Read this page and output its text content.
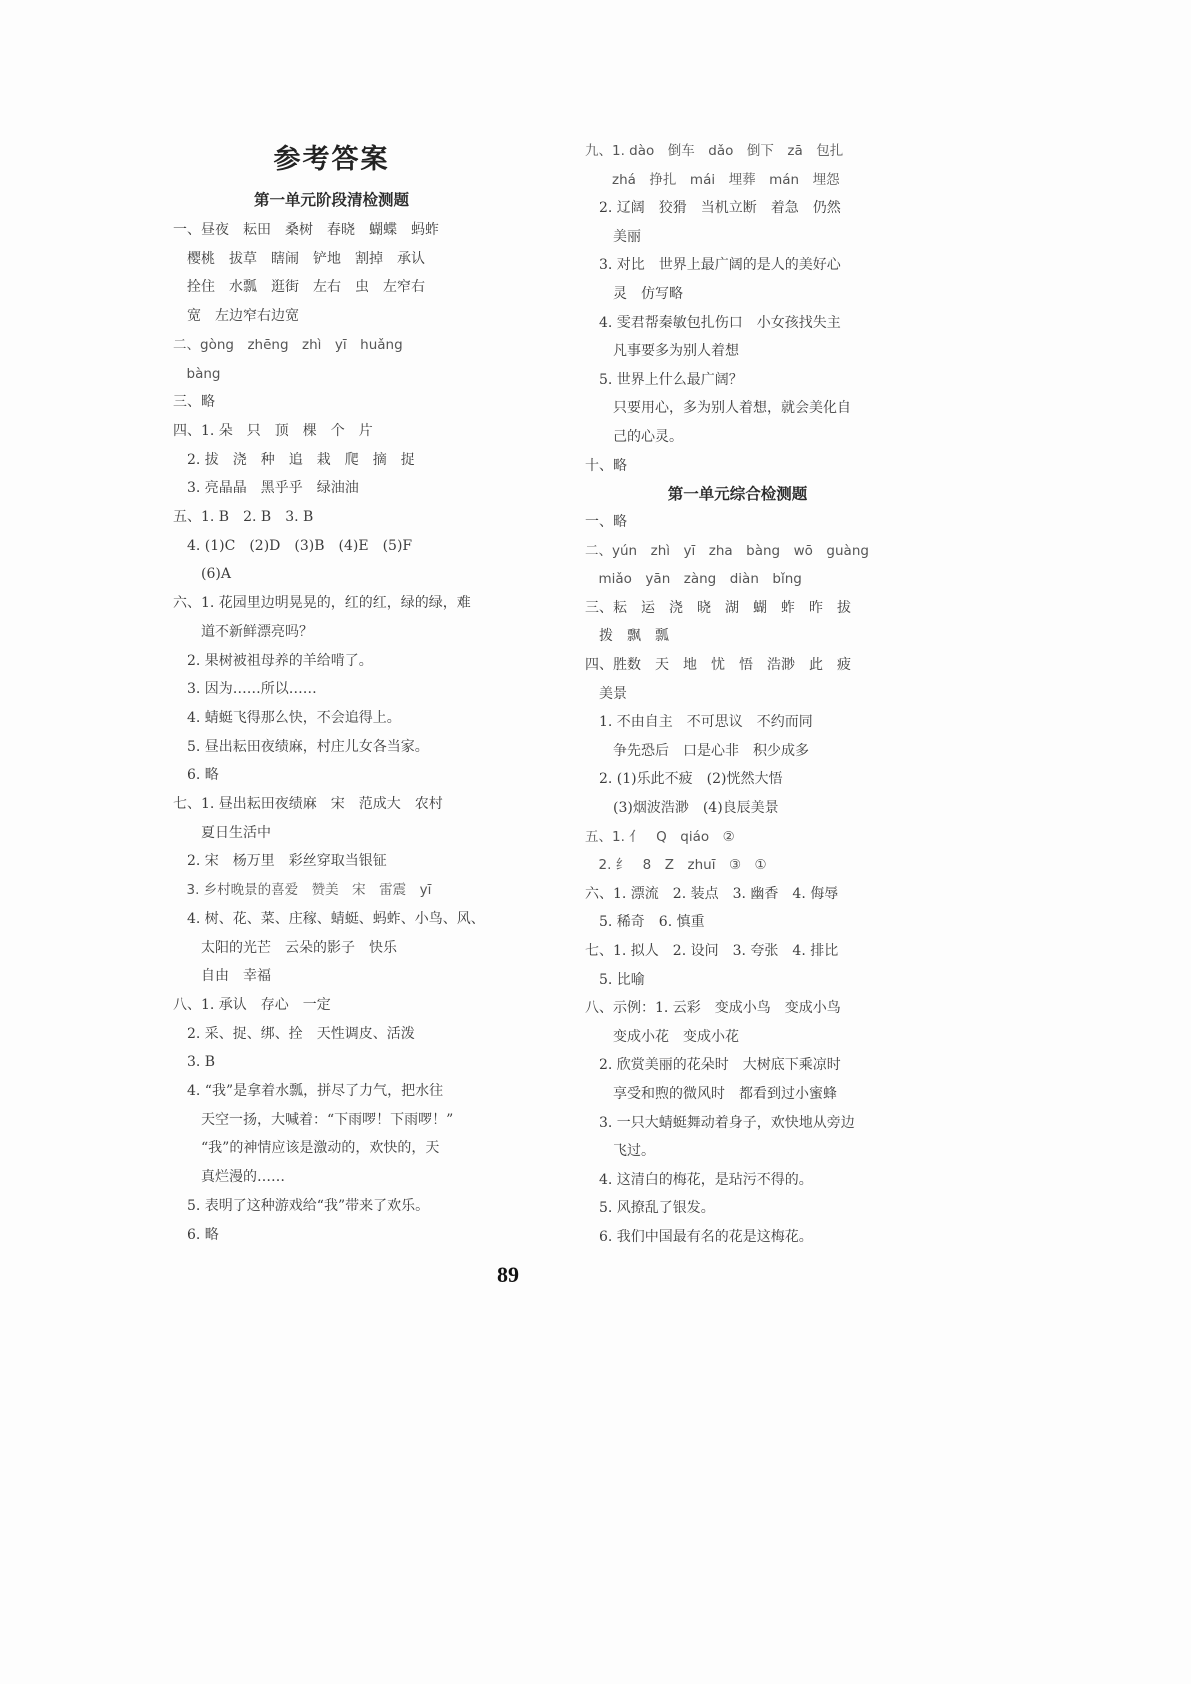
参考答案
第一单元阶段清检测题
一、昼夜　耘田　桑树　春晓　蝴蝶　蚂蚱
　樱桃　拔草　瞎闹　铲地　割掉　承认
　拴住　水瓢　逛街　左右　虫　左窄右
　宽　左边窄右边宽
二、gòng　zhēng　zhì　yī　huǎng
　bàng
三、略
四、1. 朵　只　顶　棵　个　片
　2. 拔　浇　种　追　栽　爬　摘　捉
　3. 亮晶晶　黑乎乎　绿油油
五、1. B　2. B　3. B
　4. (1)C　(2)D　(3)B　(4)E　(5)F
　　(6)A
六、1. 花园里边明晃晃的，红的红，绿的绿，难
　　道不新鲜漂亮吗？
　2. 果树被祖母养的羊给啃了。
　3. 因为……所以……
　4. 蜻蜓飞得那么快，不会追得上。
　5. 昼出耘田夜绩麻，村庄儿女各当家。
　6. 略
七、1. 昼出耘田夜绩麻　宋　范成大　农村
　　夏日生活中
　2. 宋　杨万里　彩丝穿取当银钲
　3. 乡村晚景的喜爱　赞美　宋　雷震　yī
　4. 树、花、菜、庄稼、蜻蜓、蚂蚱、小鸟、风、
　　太阳的光芒　云朵的影子　快乐
　　自由　幸福
八、1. 承认　存心　一定
　2. 采、捉、绑、拴　天性调皮、活泼
　3. B
　4. “我”是拿着水瓢，拼尽了力气，把水往
　　天空一扬，大喊着：“下雨啰！下雨啰！”
　　“我”的神情应该是激动的，欢快的，天
　　真烂漫的……
　5. 表明了这种游戏给“我”带来了欢乐。
　6. 略
九、1. dào　倒车　dǎo　倒下　zā　包扎
　　zhá　挣扎　mái　埋葬　mán　埋怨
　2. 辽阔　狡猾　当机立断　着急　仍然
　　美丽
　3. 对比　世界上最广阔的是人的美好心
　　灵　仿写略
　4. 雯君帮秦敏包扎伤口　小女孩找失主
　　凡事要多为别人着想
　5. 世界上什么最广阔？
　　只要用心，多为别人着想，就会美化自
　　己的心灵。
十、略
第一单元综合检测题
一、略
二、yún　zhì　yī　zha　bàng　wō　guàng
　miǎo　yān　zàng　diàn　bǐng
三、耘　运　浇　晓　湖　蝴　蚱　昨　拔
　拨　飘　瓢
四、胜数　天　地　忧　悟　浩渺　此　疲
　美景
　1. 不由自主　不可思议　不约而同
　　争先恐后　口是心非　积少成多
　2. (1)乐此不疲　(2)恍然大悟
　　(3)烟波浩渺　(4)良辰美景
五、1. 亻　Q　qiáo　②
　2. 纟　8　Z　zhuī　③　①
六、1. 漂流　2. 装点　3. 幽香　4. 侮辱
　5. 稀奇　6. 慎重
七、1. 拟人　2. 设问　3. 夸张　4. 排比
　5. 比喻
八、示例：1. 云彩　变成小鸟　变成小鸟
　　变成小花　变成小花
　2. 欣赏美丽的花朵时　大树底下乘凉时
　　享受和煦的微风时　都看到过小蜜蜂
　3. 一只大蜻蜓舞动着身子，欢快地从旁边
　　飞过。
　4. 这清白的梅花，是玷污不得的。
　5. 风撩乱了银发。
　6. 我们中国最有名的花是这梅花。
89
